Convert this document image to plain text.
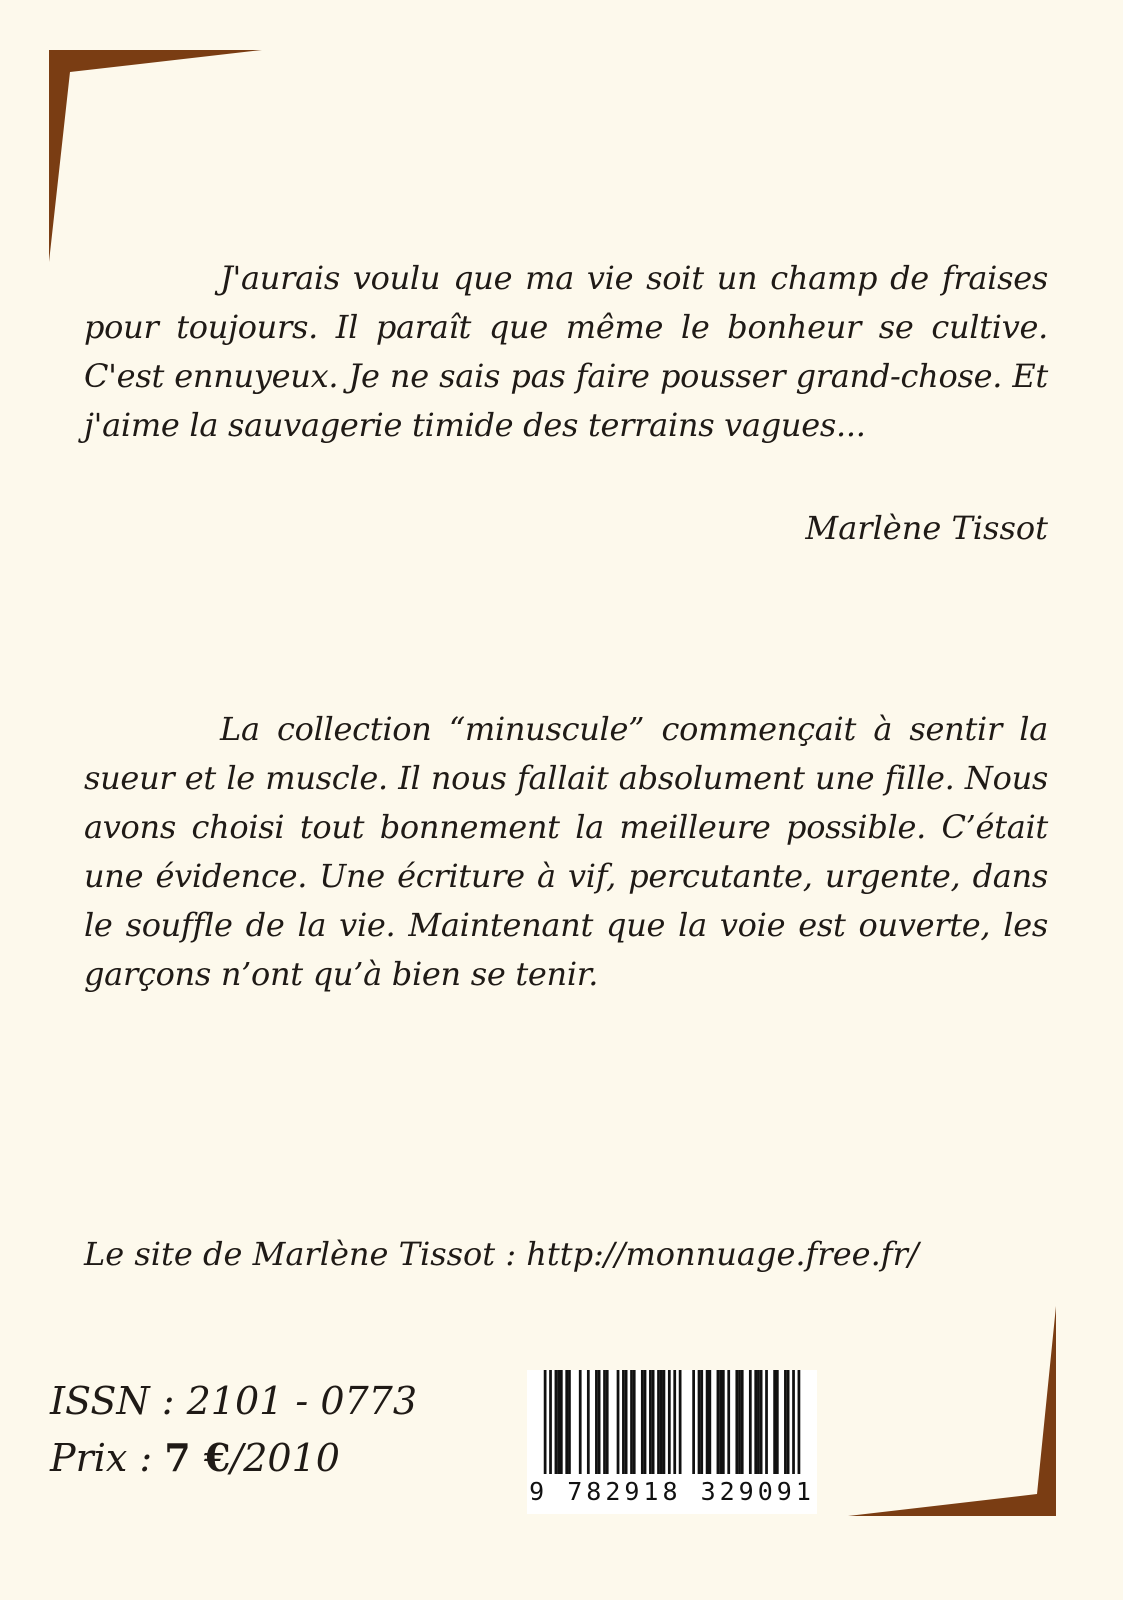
J'aurais voulu que ma vie soit un champ de fraises pour toujours. Il paraît que même le bonheur se cultive. C'est ennuyeux. Je ne sais pas faire pousser grand-chose. Et j'aime la sauvagerie timide des terrains vagues...

Marlène Tissot

La collection “minuscule” commençait à sentir la sueur et le muscle. Il nous fallait absolument une fille. Nous avons choisi tout bonnement la meilleure possible. C’était une évidence. Une écriture à vif, percutante, urgente, dans le souffle de la vie. Maintenant que la voie est ouverte, les garçons n’ont qu’à bien se tenir.

Le site de Marlène Tissot : http://monnuage.free.fr/

ISSN : 2101 - 0773

Prix : 7 €/2010

9 782918 329091
